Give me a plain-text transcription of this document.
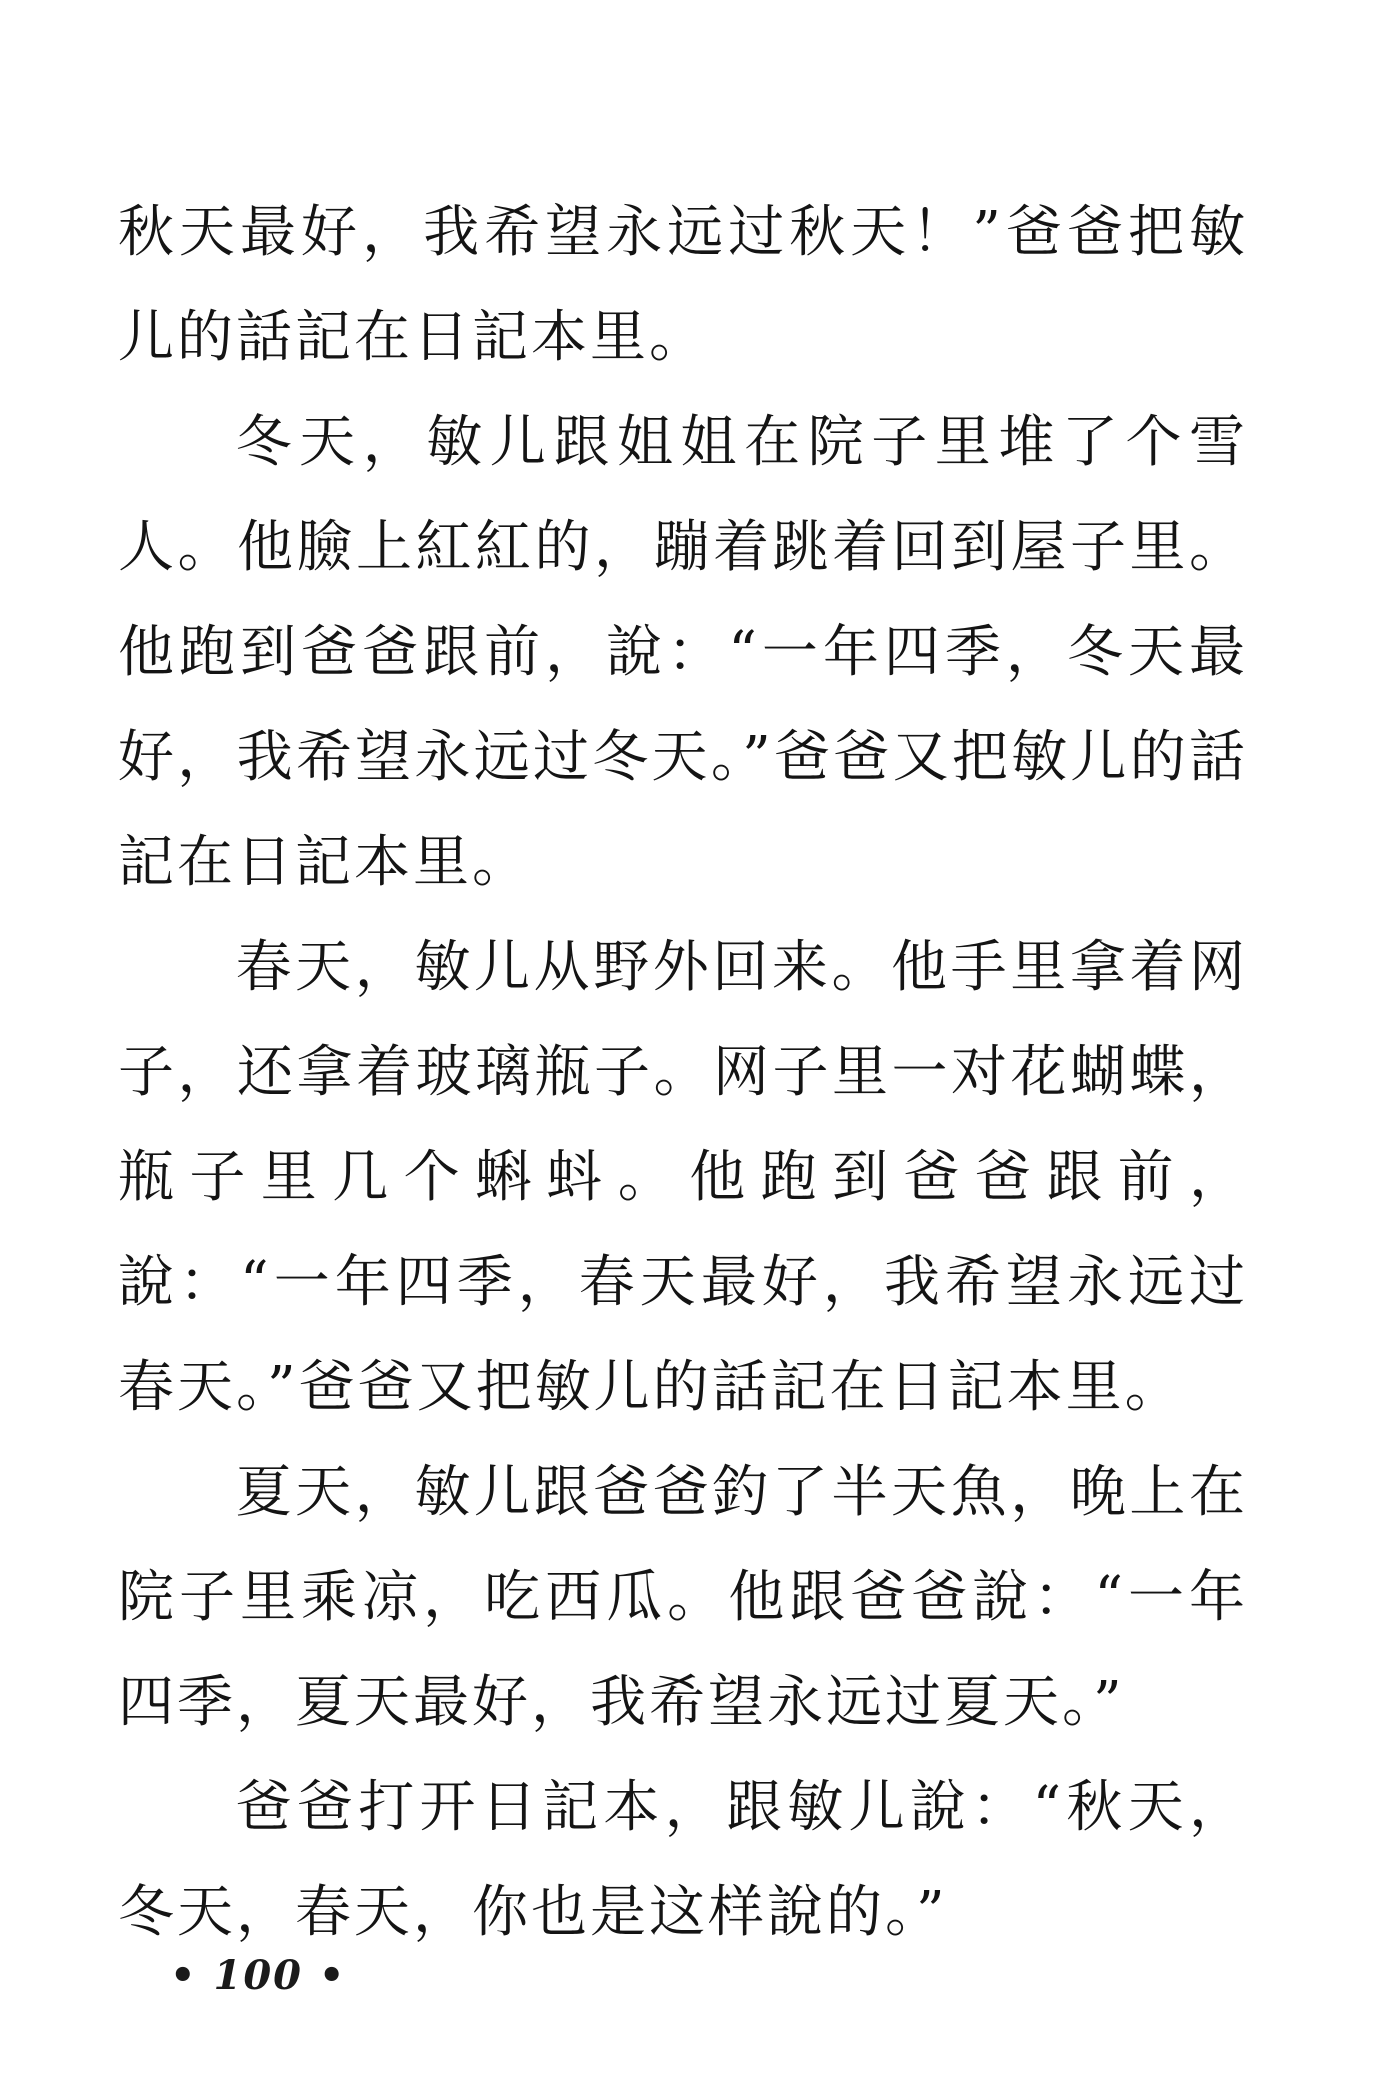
秋天最好，我希望永远过秋天！”爸爸把敏儿的話記在日記本里。

冬天，敏儿跟姐姐在院子里堆了个雪人。他臉上紅紅的，蹦着跳着回到屋子里。他跑到爸爸跟前，說：“一年四季，冬天最好，我希望永远过冬天。”爸爸又把敏儿的話記在日記本里。

春天，敏儿从野外回来。他手里拿着网子，还拿着玻璃瓶子。网子里一对花蝴蝶，瓶子里几个蝌蚪。他跑到爸爸跟前，說：“一年四季，春天最好，我希望永远过春天。”爸爸又把敏儿的話記在日記本里。

夏天，敏儿跟爸爸釣了半天魚，晚上在院子里乘凉，吃西瓜。他跟爸爸說：“一年四季，夏天最好，我希望永远过夏天。”

爸爸打开日記本，跟敏儿說：“秋天，冬天，春天，你也是这样說的。”

• 100 •
